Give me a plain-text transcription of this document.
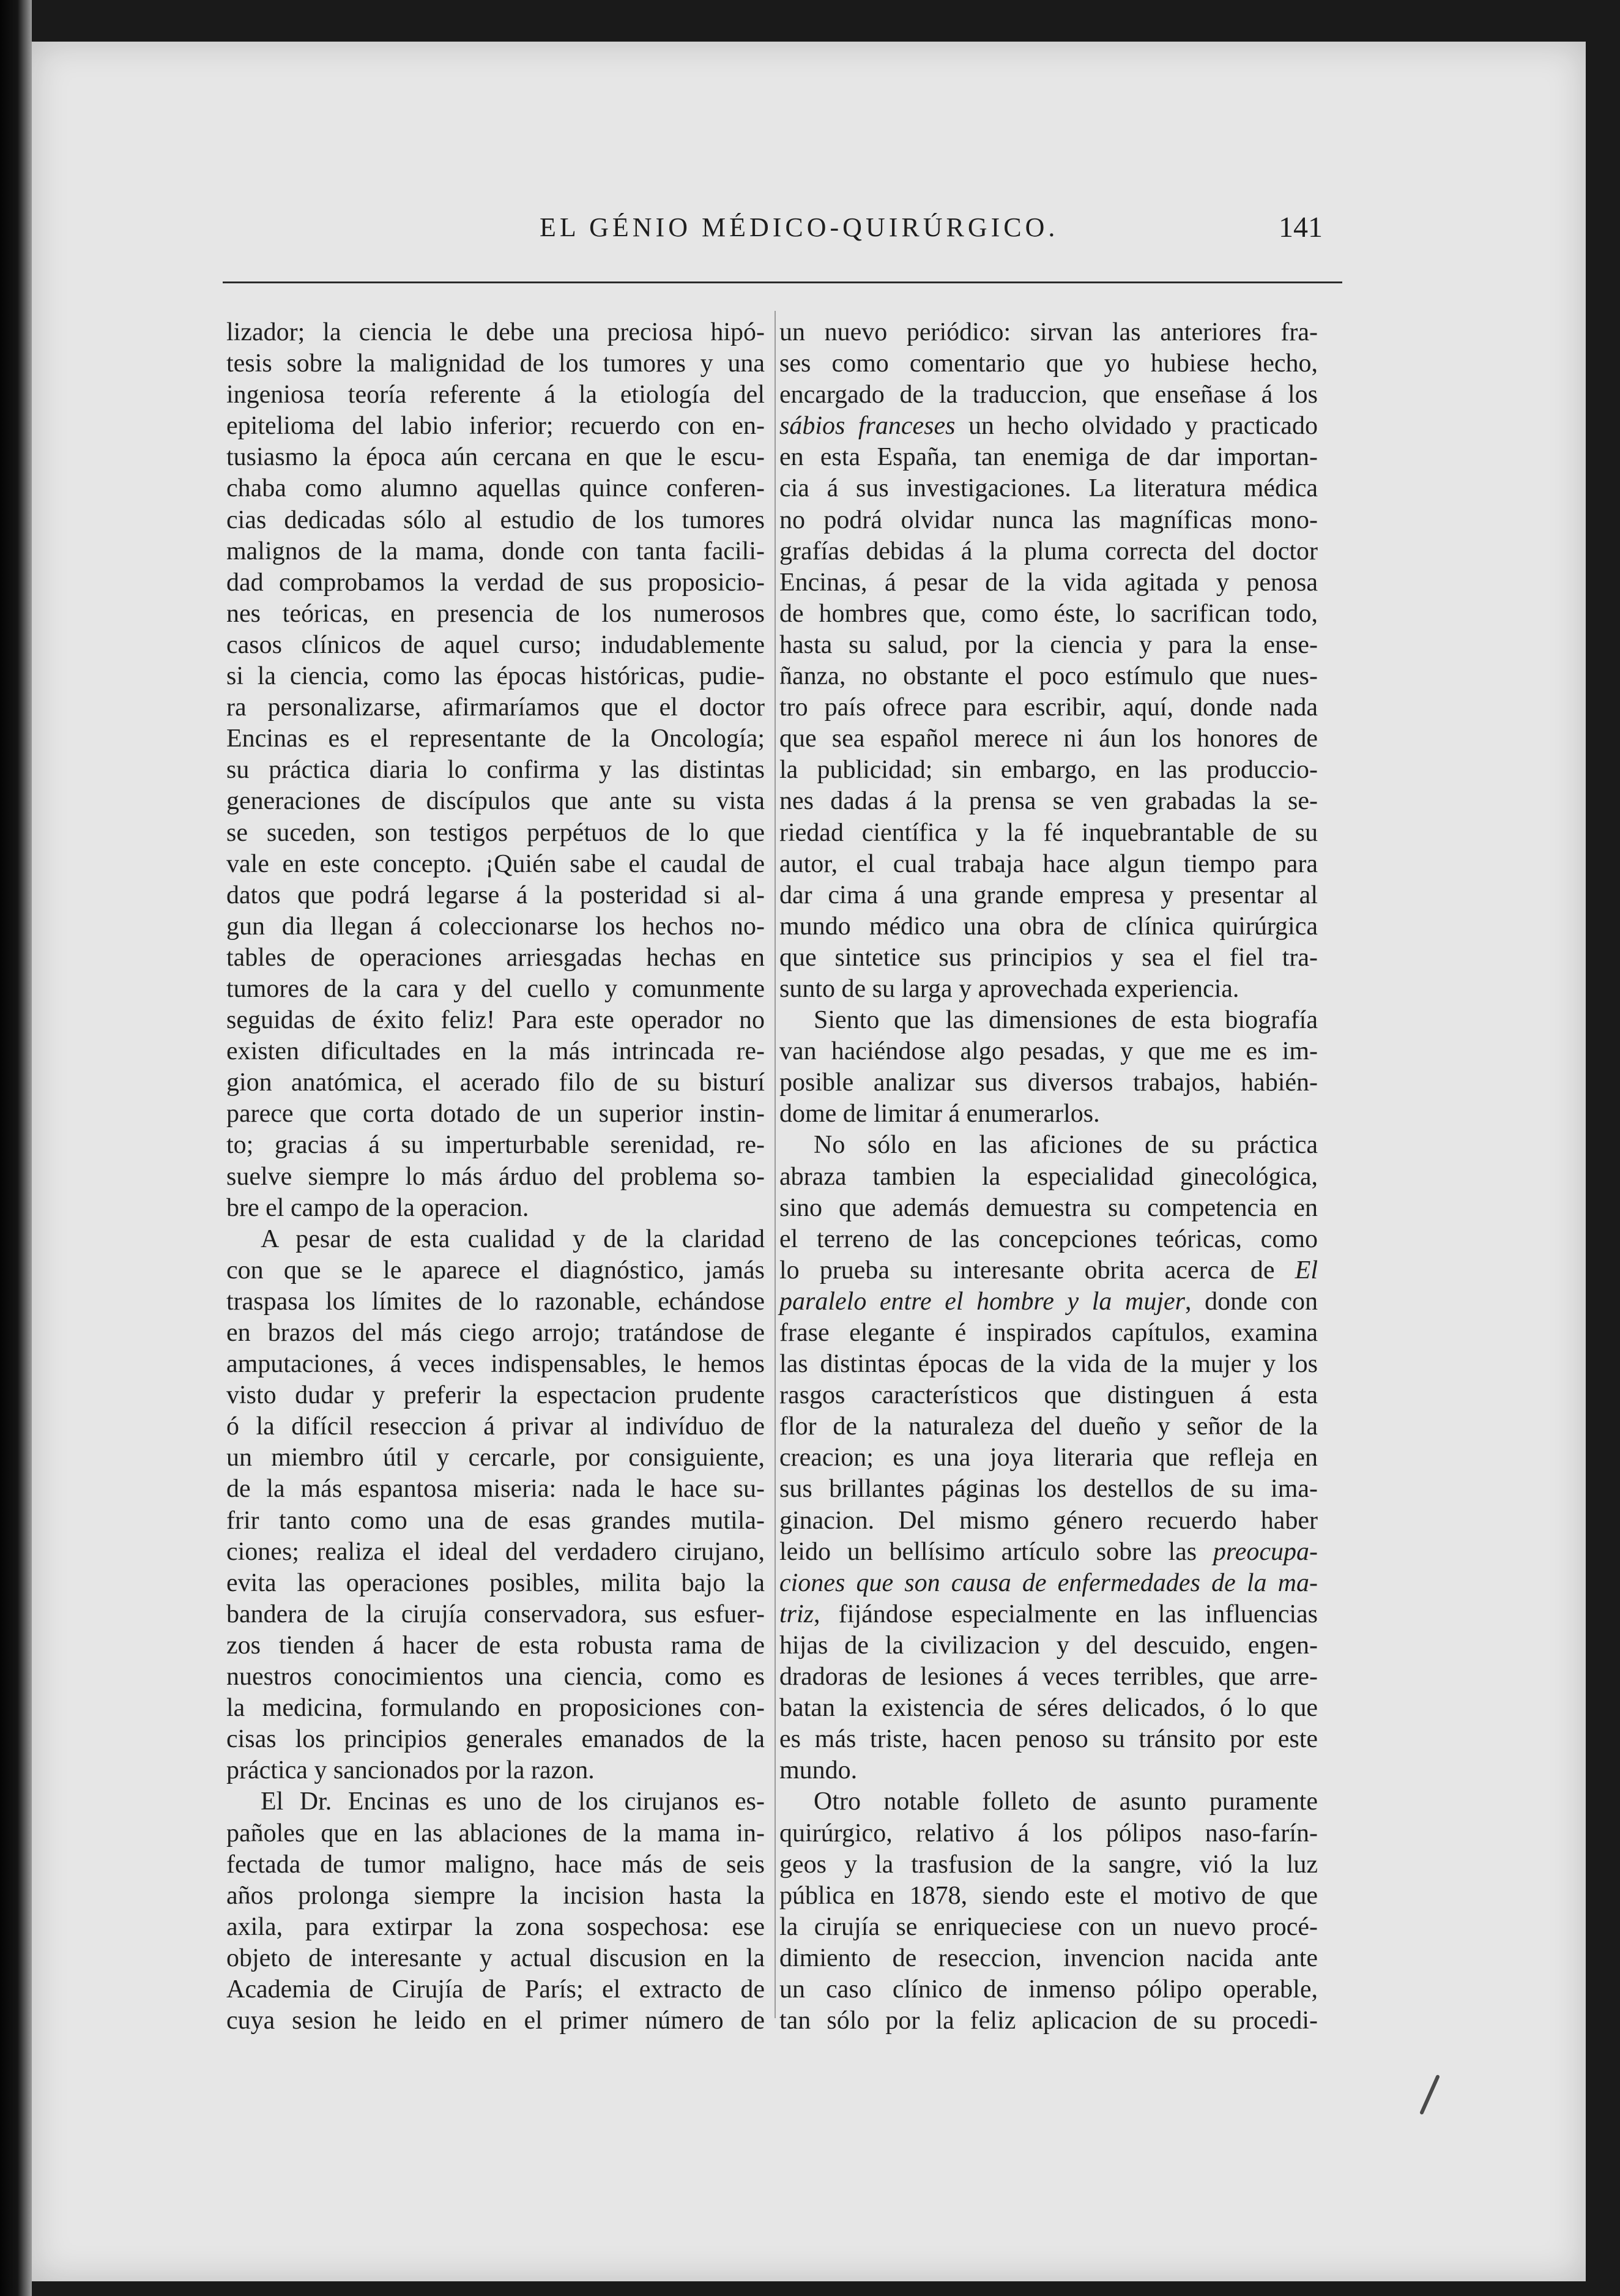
EL GÉNIO MÉDICO-QUIRÚRGICO.	141
lizador; la ciencia le debe una preciosa hipó-
tesis sobre la malignidad de los tumores y una
ingeniosa teoría referente á la etiología del
epitelioma del labio inferior; recuerdo con en-
tusiasmo la época aún cercana en que le escu-
chaba como alumno aquellas quince conferen-
cias dedicadas sólo al estudio de los tumores
malignos de la mama, donde con tanta facili-
dad comprobamos la verdad de sus proposicio-
nes teóricas, en presencia de los numerosos
casos clínicos de aquel curso; indudablemente
si la ciencia, como las épocas históricas, pudie-
ra personalizarse, afirmaríamos que el doctor
Encinas es el representante de la Oncología;
su práctica diaria lo confirma y las distintas
generaciones de discípulos que ante su vista
se suceden, son testigos perpétuos de lo que
vale en este concepto. ¡Quién sabe el caudal de
datos que podrá legarse á la posteridad si al-
gun dia llegan á coleccionarse los hechos no-
tables de operaciones arriesgadas hechas en
tumores de la cara y del cuello y comunmente
seguidas de éxito feliz! Para este operador no
existen dificultades en la más intrincada re-
gion anatómica, el acerado filo de su bisturí
parece que corta dotado de un superior instin-
to; gracias á su imperturbable serenidad, re-
suelve siempre lo más árduo del problema so-
bre el campo de la operacion.
A pesar de esta cualidad y de la claridad
con que se le aparece el diagnóstico, jamás
traspasa los límites de lo razonable, echándose
en brazos del más ciego arrojo; tratándose de
amputaciones, á veces indispensables, le hemos
visto dudar y preferir la espectacion prudente
ó la difícil reseccion á privar al indivíduo de
un miembro útil y cercarle, por consiguiente,
de la más espantosa miseria: nada le hace su-
frir tanto como una de esas grandes mutila-
ciones; realiza el ideal del verdadero cirujano,
evita las operaciones posibles, milita bajo la
bandera de la cirujía conservadora, sus esfuer-
zos tienden á hacer de esta robusta rama de
nuestros conocimientos una ciencia, como es
la medicina, formulando en proposiciones con-
cisas los principios generales emanados de la
práctica y sancionados por la razon.
El Dr. Encinas es uno de los cirujanos es-
pañoles que en las ablaciones de la mama in-
fectada de tumor maligno, hace más de seis
años prolonga siempre la incision hasta la
axila, para extirpar la zona sospechosa: ese
objeto de interesante y actual discusion en la
Academia de Cirujía de París; el extracto de
cuya sesion he leido en el primer número de
un nuevo periódico: sirvan las anteriores fra-
ses como comentario que yo hubiese hecho,
encargado de la traduccion, que enseñase á los
sábios franceses un hecho olvidado y practicado
en esta España, tan enemiga de dar importan-
cia á sus investigaciones. La literatura médica
no podrá olvidar nunca las magníficas mono-
grafías debidas á la pluma correcta del doctor
Encinas, á pesar de la vida agitada y penosa
de hombres que, como éste, lo sacrifican todo,
hasta su salud, por la ciencia y para la ense-
ñanza, no obstante el poco estímulo que nues-
tro país ofrece para escribir, aquí, donde nada
que sea español merece ni áun los honores de
la publicidad; sin embargo, en las produccio-
nes dadas á la prensa se ven grabadas la se-
riedad científica y la fé inquebrantable de su
autor, el cual trabaja hace algun tiempo para
dar cima á una grande empresa y presentar al
mundo médico una obra de clínica quirúrgica
que sintetice sus principios y sea el fiel tra-
sunto de su larga y aprovechada experiencia.
Siento que las dimensiones de esta biografía
van haciéndose algo pesadas, y que me es im-
posible analizar sus diversos trabajos, habién-
dome de limitar á enumerarlos.
No sólo en las aficiones de su práctica
abraza tambien la especialidad ginecológica,
sino que además demuestra su competencia en
el terreno de las concepciones teóricas, como
lo prueba su interesante obrita acerca de El
paralelo entre el hombre y la mujer, donde con
frase elegante é inspirados capítulos, examina
las distintas épocas de la vida de la mujer y los
rasgos característicos que distinguen á esta
flor de la naturaleza del dueño y señor de la
creacion; es una joya literaria que refleja en
sus brillantes páginas los destellos de su ima-
ginacion. Del mismo género recuerdo haber
leido un bellísimo artículo sobre las preocupa-
ciones que son causa de enfermedades de la ma-
triz, fijándose especialmente en las influencias
hijas de la civilizacion y del descuido, engen-
dradoras de lesiones á veces terribles, que arre-
batan la existencia de séres delicados, ó lo que
es más triste, hacen penoso su tránsito por este
mundo.
Otro notable folleto de asunto puramente
quirúrgico, relativo á los pólipos naso-farín-
geos y la trasfusion de la sangre, vió la luz
pública en 1878, siendo este el motivo de que
la cirujía se enriqueciese con un nuevo procé-
dimiento de reseccion, invencion nacida ante
un caso clínico de inmenso pólipo operable,
tan sólo por la feliz aplicacion de su procedi-
